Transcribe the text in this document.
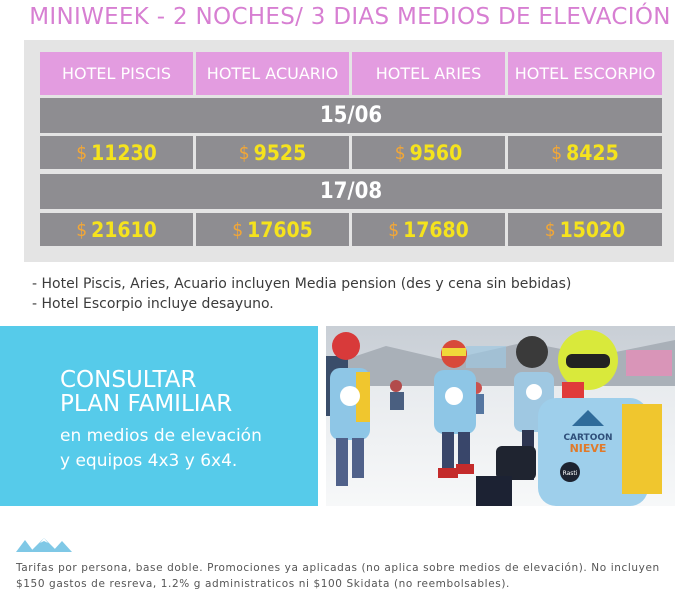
MINIWEEK - 2 NOCHES/ 3 DIAS MEDIOS DE ELEVACIÓN
HOTEL PISCIS	HOTEL ACUARIO	HOTEL ARIES	HOTEL ESCORPIO
15/06
$ 11230	$ 9525	$ 9560	$ 8425
17/08
$ 21610	$ 17605	$ 17680	$ 15020
- Hotel Piscis, Aries, Acuario incluyen Media pension (des y cena sin bebidas)
- Hotel Escorpio incluye desayuno.
CONSULTAR
PLAN FAMILIAR
en medios de elevación
y equipos 4x3 y 6x4.
CARTOON
NIEVE
Rasti
Tarifas por persona, base doble. Promociones ya aplicadas (no aplica sobre medios de elevación). No incluyen
$150 gastos de resreva, 1.2% g administraticos ni $100 Skidata (no reembolsables).
